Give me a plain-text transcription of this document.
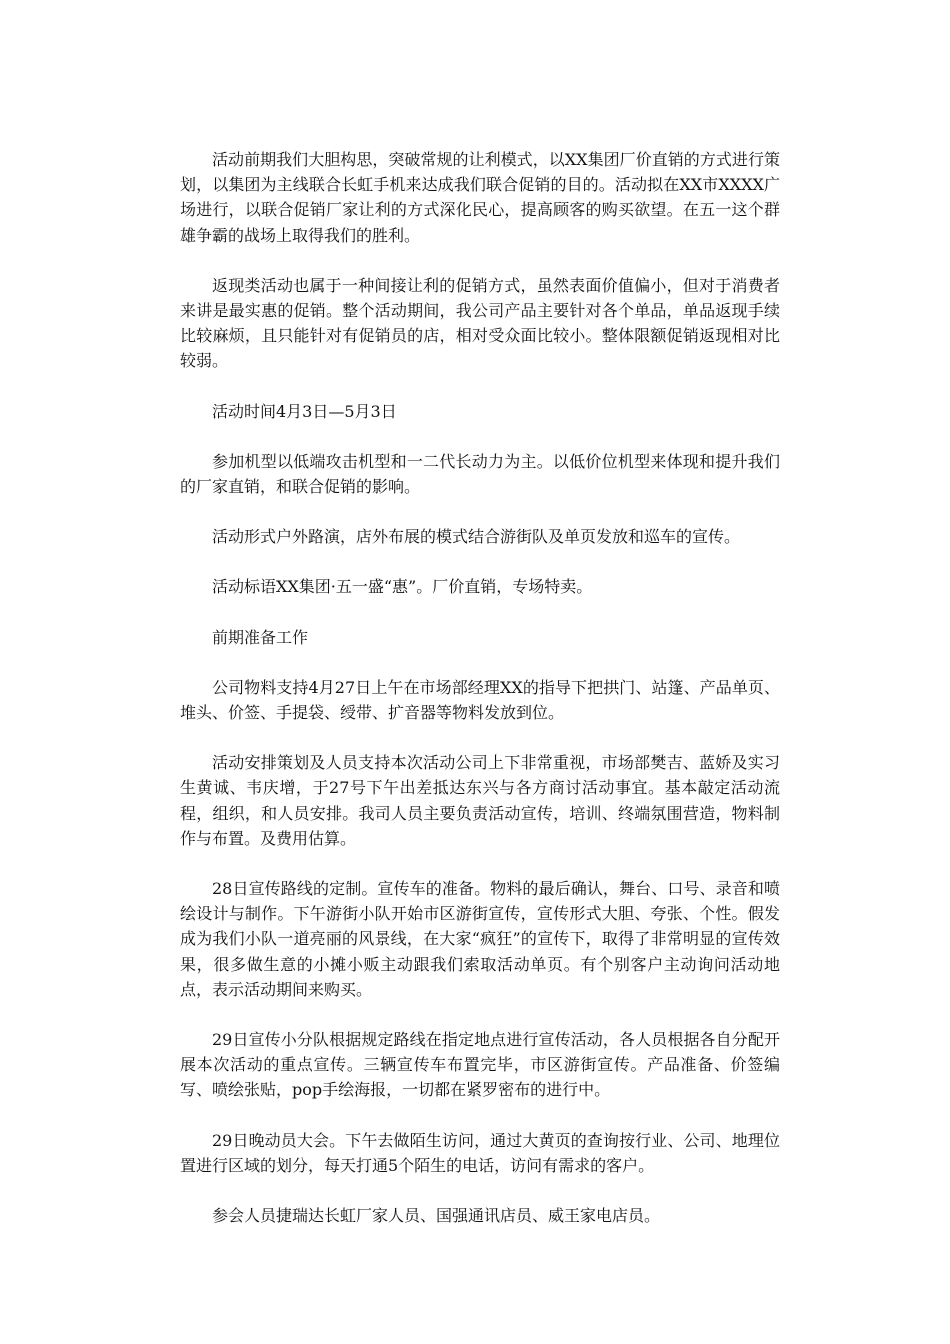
活动前期我们大胆构思，突破常规的让利模式，以XX集团厂价直销的方式进行策划，以集团为主线联合长虹手机来达成我们联合促销的目的。活动拟在XX市XXXX广场进行，以联合促销厂家让利的方式深化民心，提高顾客的购买欲望。在五一这个群雄争霸的战场上取得我们的胜利。

返现类活动也属于一种间接让利的促销方式，虽然表面价值偏小，但对于消费者来讲是最实惠的促销。整个活动期间，我公司产品主要针对各个单品，单品返现手续比较麻烦，且只能针对有促销员的店，相对受众面比较小。整体限额促销返现相对比较弱。

活动时间4月3日—5月3日

参加机型以低端攻击机型和一二代长动力为主。以低价位机型来体现和提升我们的厂家直销，和联合促销的影响。

活动形式户外路演，店外布展的模式结合游街队及单页发放和巡车的宣传。

活动标语XX集团·五一盛“惠”。厂价直销，专场特卖。

前期准备工作

公司物料支持4月27日上午在市场部经理XX的指导下把拱门、站篷、产品单页、堆头、价签、手提袋、绶带、扩音器等物料发放到位。

活动安排策划及人员支持本次活动公司上下非常重视，市场部樊吉、蓝娇及实习生黄诚、韦庆增，于27号下午出差抵达东兴与各方商讨活动事宜。基本敲定活动流程，组织，和人员安排。我司人员主要负责活动宣传，培训、终端氛围营造，物料制作与布置。及费用估算。

28日宣传路线的定制。宣传车的准备。物料的最后确认，舞台、口号、录音和喷绘设计与制作。下午游街小队开始市区游街宣传，宣传形式大胆、夸张、个性。假发成为我们小队一道亮丽的风景线，在大家“疯狂”的宣传下，取得了非常明显的宣传效果，很多做生意的小摊小贩主动跟我们索取活动单页。有个别客户主动询问活动地点，表示活动期间来购买。

29日宣传小分队根据规定路线在指定地点进行宣传活动，各人员根据各自分配开展本次活动的重点宣传。三辆宣传车布置完毕，市区游街宣传。产品准备、价签编写、喷绘张贴，pop手绘海报，一切都在紧罗密布的进行中。

29日晚动员大会。下午去做陌生访问，通过大黄页的查询按行业、公司、地理位置进行区域的划分，每天打通5个陌生的电话，访问有需求的客户。

参会人员捷瑞达长虹厂家人员、国强通讯店员、威王家电店员。
